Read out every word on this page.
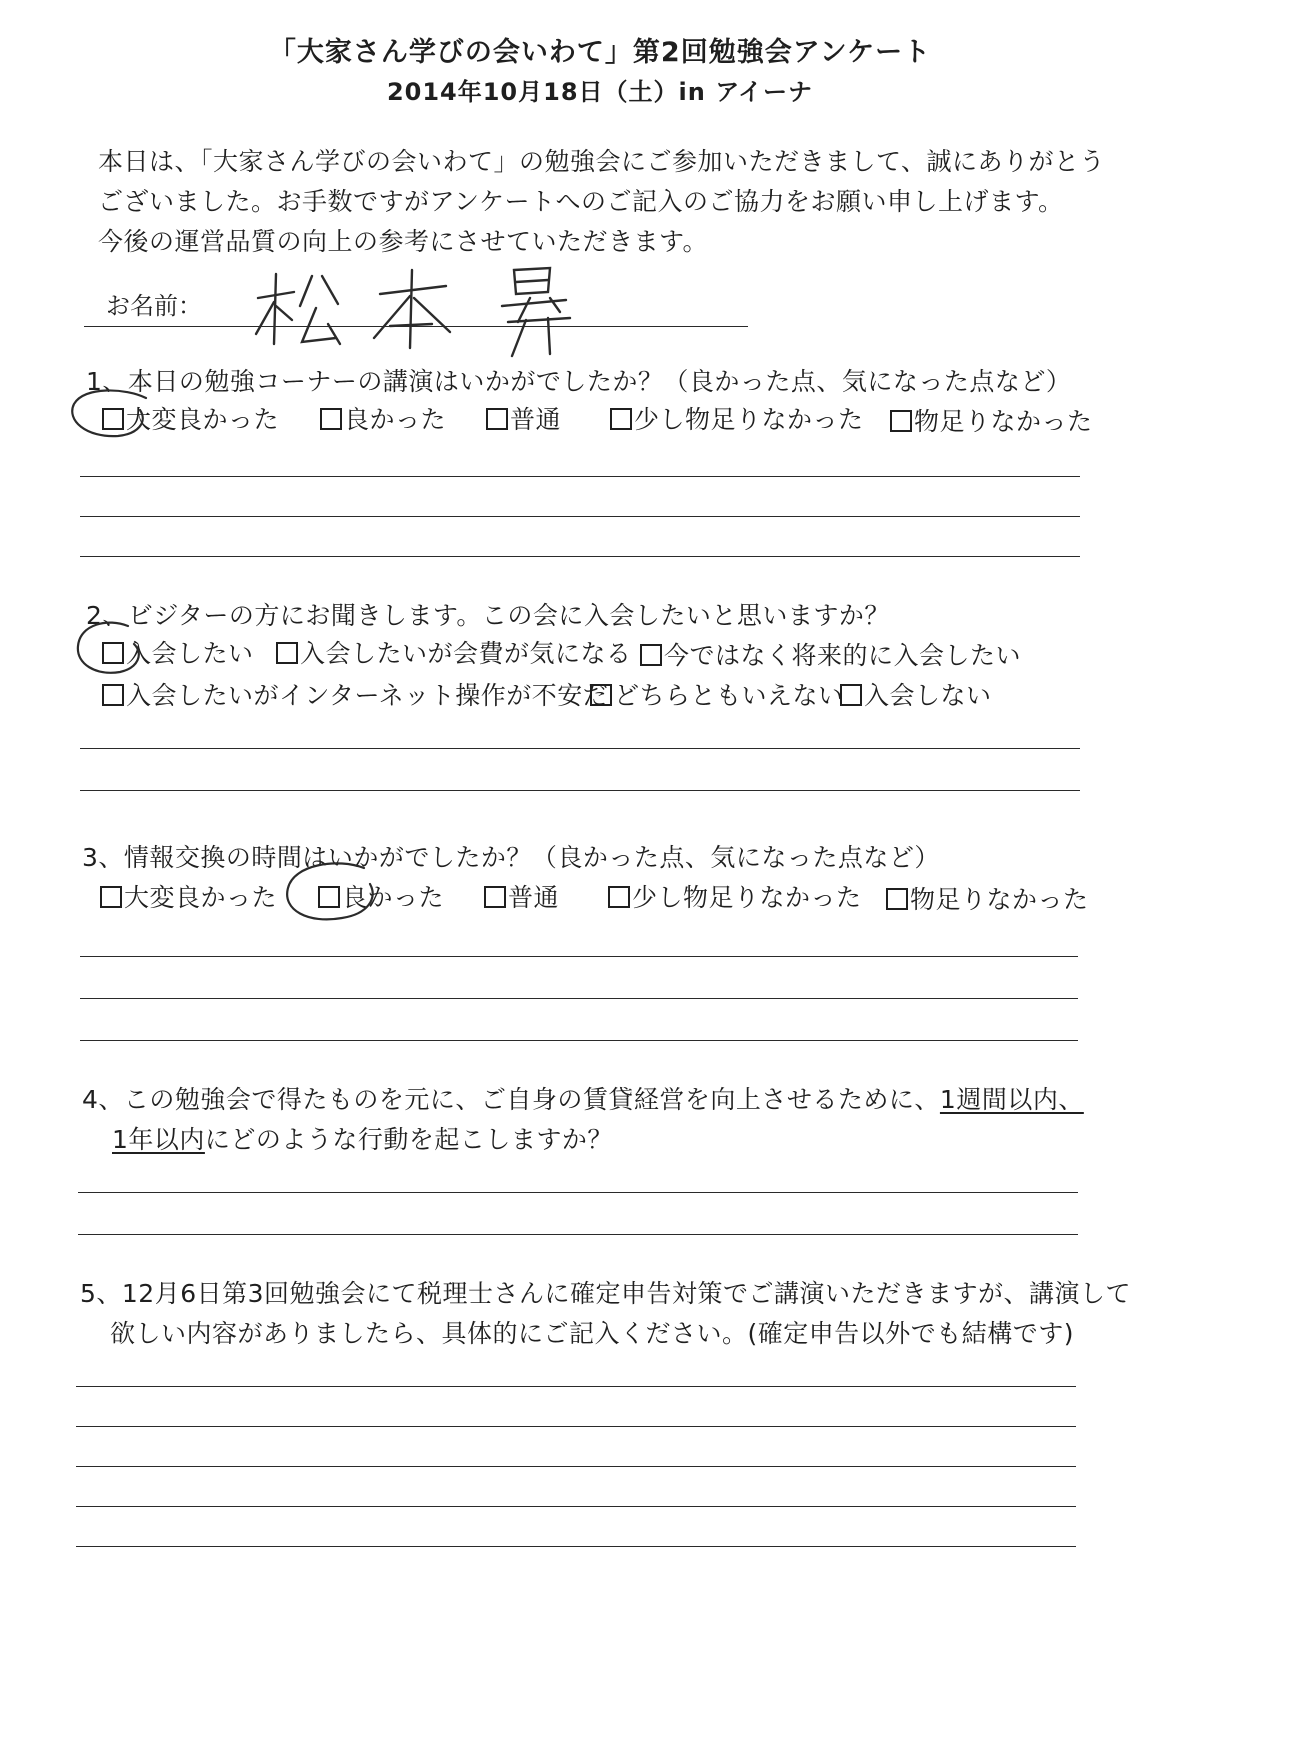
「大家さん学びの会いわて」第2回勉強会アンケート
2014年10月18日（土）in アイーナ
本日は、「大家さん学びの会いわて」の勉強会にご参加いただきまして、誠にありがとう
ございました。お手数ですがアンケートへのご記入のご協力をお願い申し上げます。
今後の運営品質の向上の参考にさせていただきます。
お名前：
1、本日の勉強コーナーの講演はいかがでしたか？（良かった点、気になった点など）
大変良かった	良かった	普通	少し物足りなかった	物足りなかった
2、ビジターの方にお聞きします。この会に入会したいと思いますか？
入会したい	入会したいが会費が気になる	今ではなく将来的に入会したい
入会したいがインターネット操作が不安だ どちらともいえない 入会しない
3、情報交換の時間はいかがでしたか？（良かった点、気になった点など）
大変良かった	良かった	普通	少し物足りなかった	物足りなかった
4、この勉強会で得たものを元に、ご自身の賃貸経営を向上させるために、1週間以内、
1年以内にどのような行動を起こしますか？
5、12月6日第3回勉強会にて税理士さんに確定申告対策でご講演いただきますが、講演して
欲しい内容がありましたら、具体的にご記入ください。(確定申告以外でも結構です)
